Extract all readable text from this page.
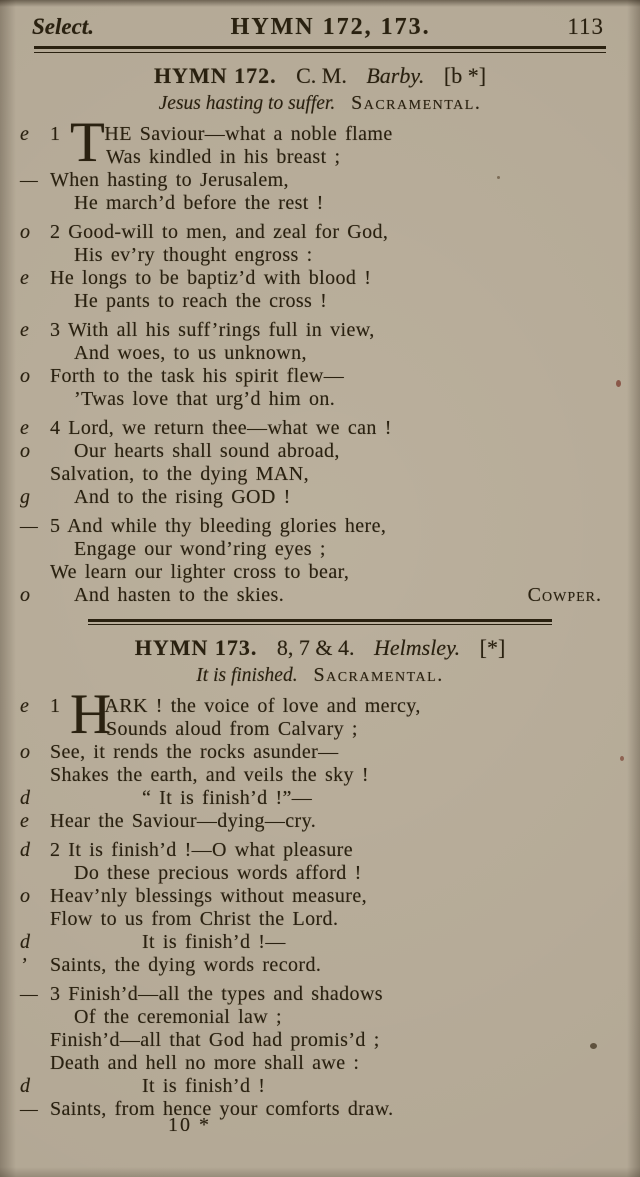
Select.	HYMN 172, 173.	113
HYMN 172. C. M. Barby. [b *]
Jesus hasting to suffer. Sacramental.
e 1 T HE Saviour—what a noble flame
Was kindled in his breast ;
— When hasting to Jerusalem,
He march’d before the rest !
o 2 Good-will to men, and zeal for God,
His ev’ry thought engross :
e He longs to be baptiz’d with blood !
He pants to reach the cross !
e 3 With all his suff’rings full in view,
And woes, to us unknown,
o Forth to the task his spirit flew—
’Twas love that urg’d him on.
e 4 Lord, we return thee—what we can !
o Our hearts shall sound abroad,
Salvation, to the dying MAN,
g And to the rising GOD !
— 5 And while thy bleeding glories here,
Engage our wond’ring eyes ;
We learn our lighter cross to bear,
o And hasten to the skies.	Cowper.
HYMN 173. 8, 7 & 4. Helmsley. [*]
It is finished. Sacramental.
e 1 H
ARK ! the voice of love and mercy,
Sounds aloud from Calvary ;
o See, it rends the rocks asunder—
Shakes the earth, and veils the sky !
d	“ It is finish’d !”—
e Hear the Saviour—dying—cry.
d 2 It is finish’d !—O what pleasure
Do these precious words afford !
o Heav’nly blessings without measure,
Flow to us from Christ the Lord.
d	It is finish’d !—
’ Saints, the dying words record.
— 3 Finish’d—all the types and shadows
Of the ceremonial law ;
Finish’d—all that God had promis’d ;
Death and hell no more shall awe :
d	It is finish’d !
— Saints, from hence your comforts draw.
10 *
